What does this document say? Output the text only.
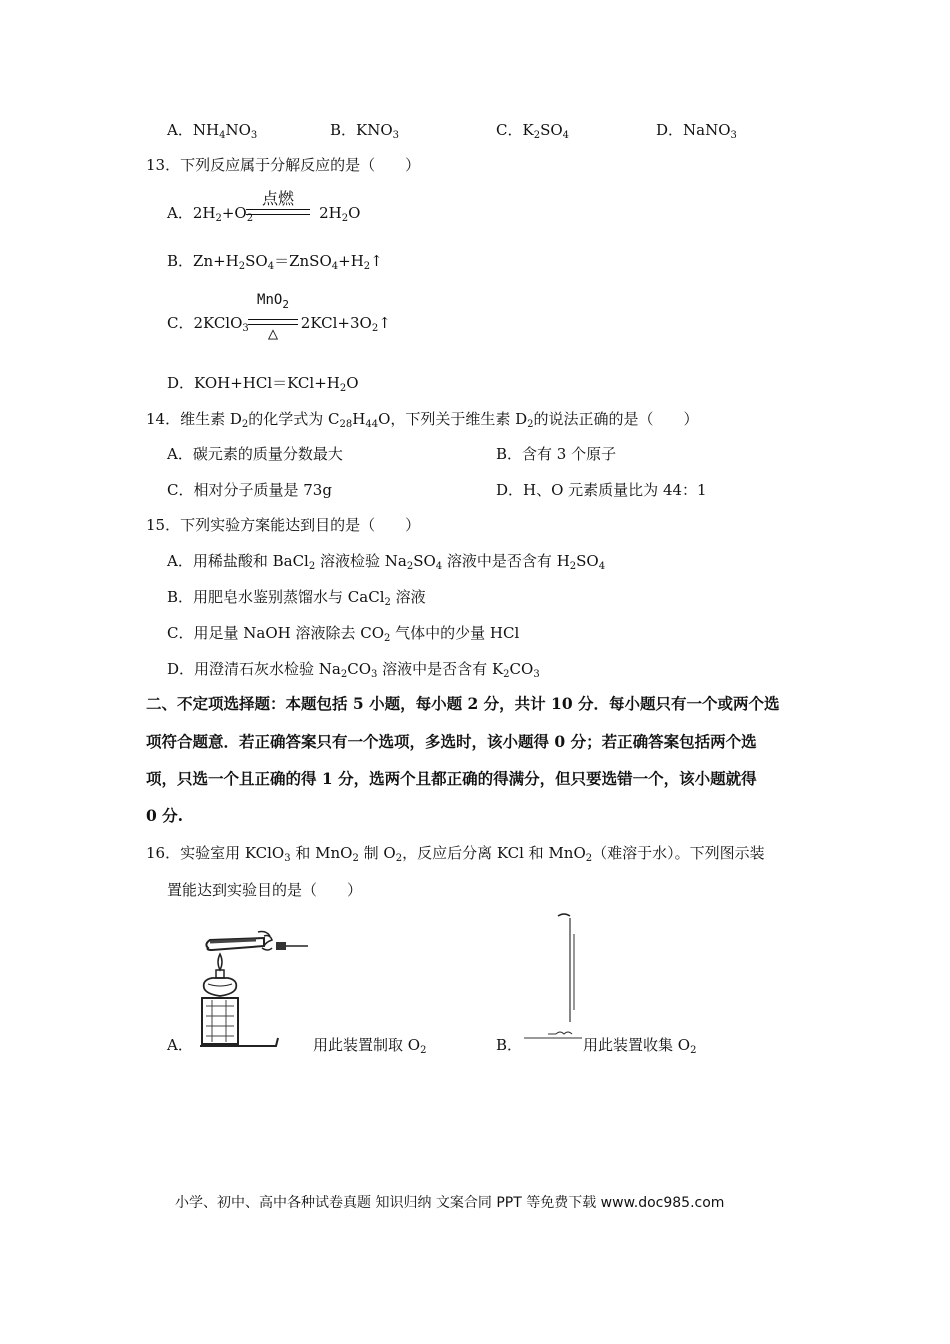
A．$NH_4NO_3$	B．$KNO_3$	C．$K_2SO_4$	D．NaNO$_3$
13．下列反应属于分解反应的是（　　）
A．$2H_2+O_2$	$2H_2O$
点燃
B．$Zn+H_2SO_4=ZnSO_4+H_2↑$
C．2KClO$_3$	$2KCl+3O_2↑$
MnO$_2$
△
D．$KOH+HCl=KCl+H_2O$
14．维生素 $D_2$的化学式为 $C_{28}H_{44}O$，下列关于维生素 $D_2$的说法正确的是（　　）
A．碳元素的质量分数最大	B．含有 3 个原子
C．相对分子质量是 73g	D．H、O 元素质量比为 44：1
15．下列实验方案能达到目的是（　　）
A．用稀盐酸和 BaCl$_2$ 溶液检验 $Na_2SO_4$ 溶液中是否含有 $H_2SO_4$
B．用肥皂水鉴别蒸馏水与 CaCl$_2$ 溶液
C．用足量 NaOH 溶液除去 $CO_2$ 气体中的少量 HCl
D．用澄清石灰水检验 $Na_2CO_3$ 溶液中是否含有 $K_2CO_3$
二、不定项选择题：本题包括 5 小题，每小题 2 分，共计 10 分．每小题只有一个或两个选
项符合题意．若正确答案只有一个选项，多选时，该小题得 0 分；若正确答案包括两个选
项，只选一个且正确的得 1 分，选两个且都正确的得满分，但只要选错一个，该小题就得
0 分.
16．实验室用 KClO$_3$ 和 MnO$_2$ 制 $O_2$，反应后分离 KCl 和 MnO$_2$（难溶于水）。下列图示装
置能达到实验目的是（　　）
A．	用此装置制取 $O_2$	B．	用此装置收集 $O_2$
小学、初中、高中各种试卷真题 知识归纳 文案合同 PPT 等免费下载 www.doc985.com
